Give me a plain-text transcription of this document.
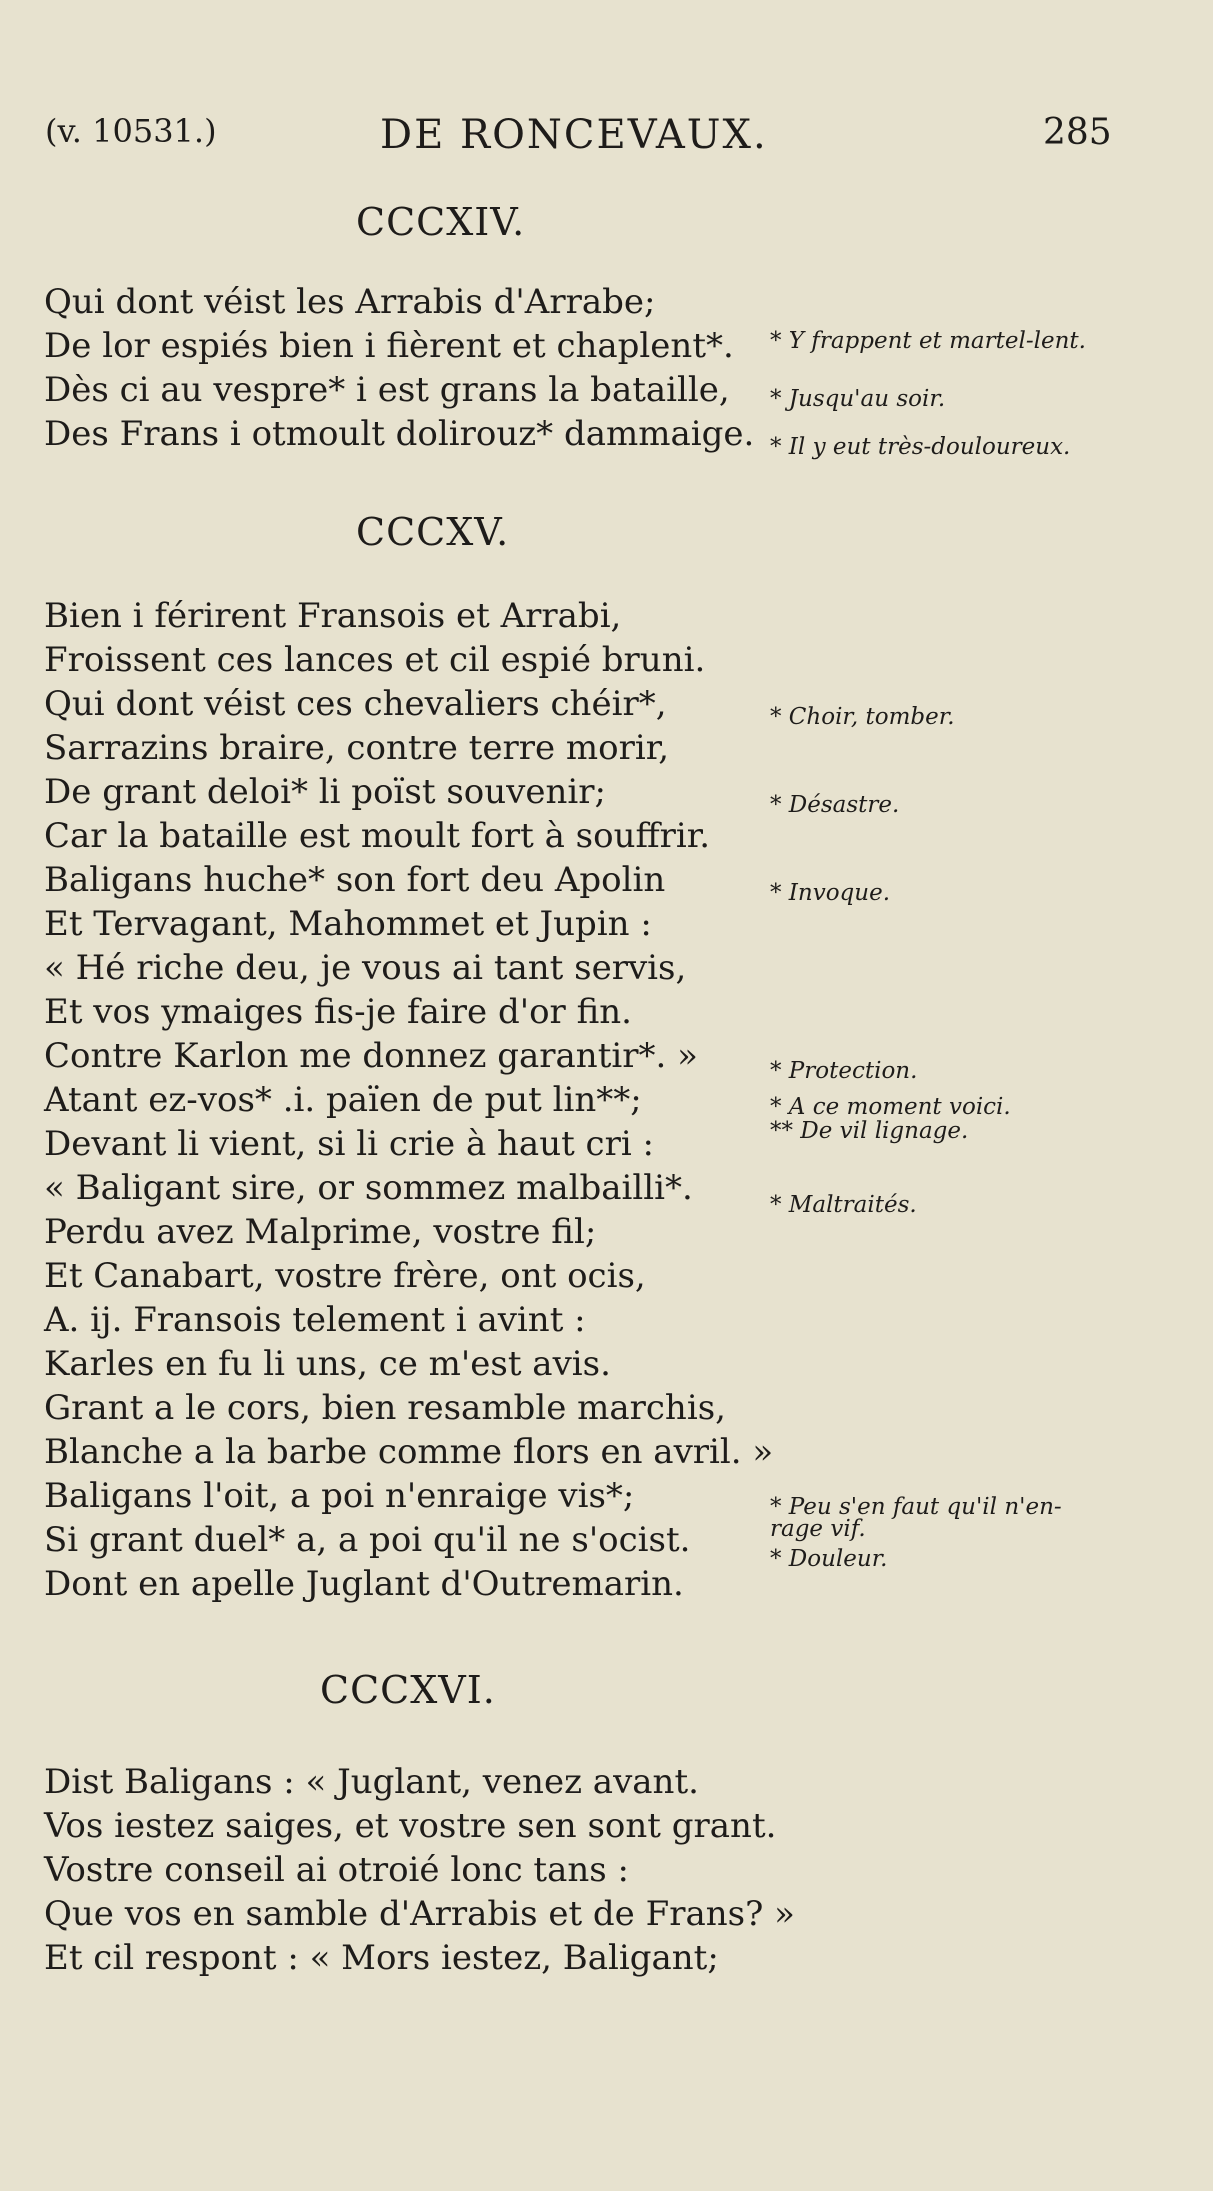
(v. 10531.)	DE RONCEVAUX.	285
CCCXIV.
Qui dont véist les Arrabis d'Arrabe;
De lor espiés bien i fièrent et chaplent*.
Dès ci au vespre* i est grans la bataille,
Des Frans i otmoult dolirouz* dammaige.
* Y frappent et martel-lent.
* Jusqu'au soir.
* Il y eut très-douloureux.
CCCXV.
Bien i férirent Fransois et Arrabi,
Froissent ces lances et cil espié bruni.
Qui dont véist ces chevaliers chéir*,
Sarrazins braire, contre terre morir,
De grant deloi* li poïst souvenir;
Car la bataille est moult fort à souffrir.
Baligans huche* son fort deu Apolin
Et Tervagant, Mahommet et Jupin :
« Hé riche deu, je vous ai tant servis,
Et vos ymaiges fis-je faire d'or fin.
Contre Karlon me donnez garantir*. »
Atant ez-vos* .i. païen de put lin**;
Devant li vient, si li crie à haut cri :
« Baligant sire, or sommez malbailli*.
Perdu avez Malprime, vostre fil;
Et Canabart, vostre frère, ont ocis,
A. ij. Fransois telement i avint :
Karles en fu li uns, ce m'est avis.
Grant a le cors, bien resamble marchis,
Blanche a la barbe comme flors en avril. »
Baligans l'oit, a poi n'enraige vis*;
Si grant duel* a, a poi qu'il ne s'ocist.
Dont en apelle Juglant d'Outremarin.
* Choir, tomber.
* Désastre.
* Invoque.
* Protection.
* A ce moment voici.
** De vil lignage.
* Maltraités.
* Peu s'en faut qu'il n'en-rage vif.
* Douleur.
CCCXVI.
Dist Baligans : « Juglant, venez avant.
Vos iestez saiges, et vostre sen sont grant.
Vostre conseil ai otroié lonc tans :
Que vos en samble d'Arrabis et de Frans? »
Et cil respont : « Mors iestez, Baligant;
